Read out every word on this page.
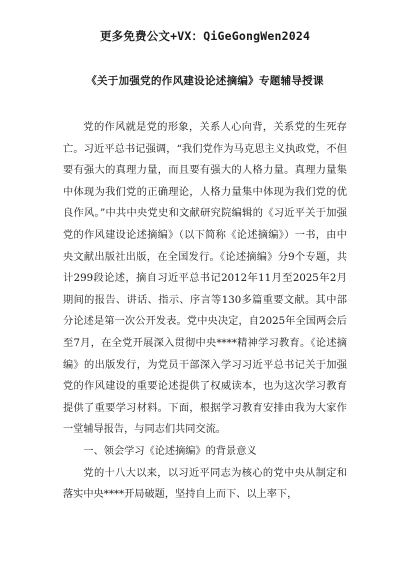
更多免费公文+VX：QiGeGongWen2024
《关于加强党的作风建设论述摘编》专题辅导授课

党的作风就是党的形象，关系人心向背，关系党的生死存亡。习近平总书记强调，“我们党作为马克思主义执政党，不但要有强大的真理力量，而且要有强大的人格力量。真理力量集中体现为我们党的正确理论，人格力量集中体现为我们党的优良作风。”中共中央党史和文献研究院编辑的《习近平关于加强党的作风建设论述摘编》（以下简称《论述摘编》）一书，由中央文献出版社出版，在全国发行。《论述摘编》分9个专题，共计299段论述，摘自习近平总书记2012年11月至2025年2月期间的报告、讲话、指示、序言等130多篇重要文献。其中部分论述是第一次公开发表。党中央决定，自2025年全国两会后至7月，在全党开展深入贯彻中央****精神学习教育。《论述摘编》的出版发行，为党员干部深入学习习近平总书记关于加强党的作风建设的重要论述提供了权威读本，也为这次学习教育提供了重要学习材料。下面，根据学习教育安排由我为大家作一堂辅导报告，与同志们共同交流。

一、领会学习《论述摘编》的背景意义

党的十八大以来，以习近平同志为核心的党中央从制定和落实中央****开局破题，坚持自上而下、以上率下，
